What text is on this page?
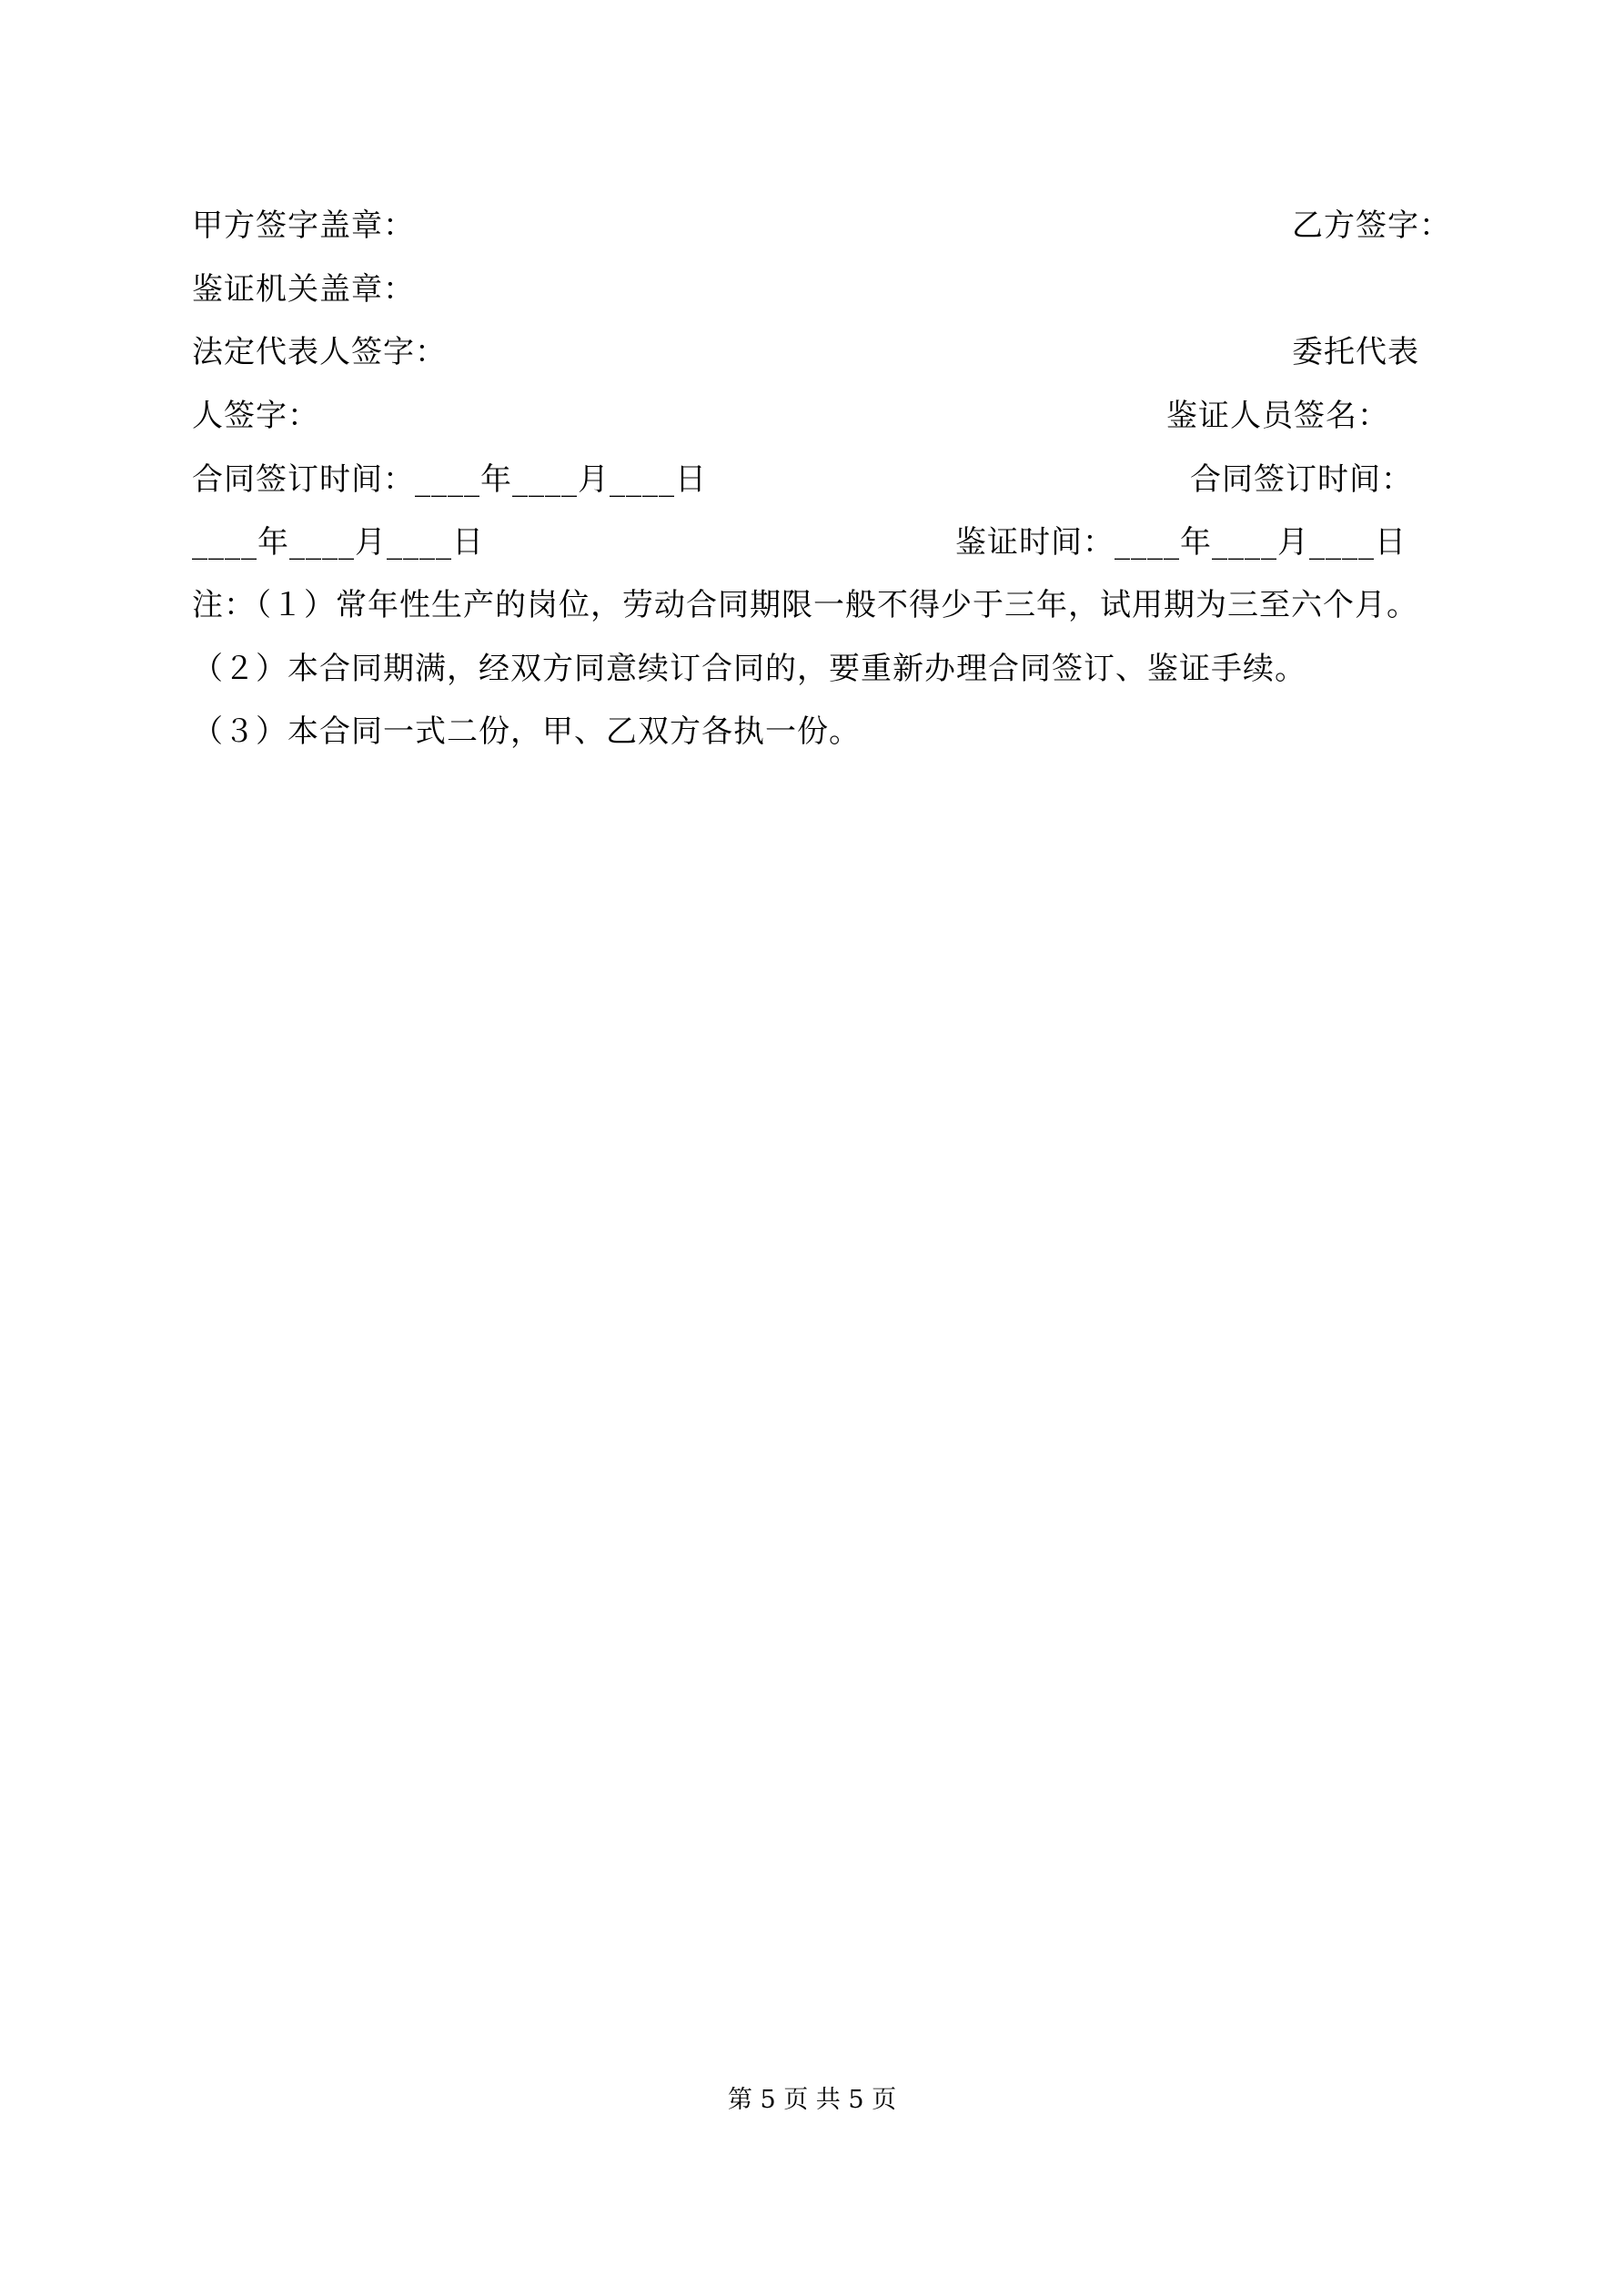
甲方签字盖章：	乙方签字：
鉴证机关盖章：
法定代表人签字：	委托代表
人签字：	鉴证人员签名：
合同签订时间：____年____月____日	合同签订时间：
____年____月____日	鉴证时间：____年____月____日
注：（１）常年性生产的岗位，劳动合同期限一般不得少于三年，试用期为三至六个月。
（２）本合同期满，经双方同意续订合同的，要重新办理合同签订、鉴证手续。
（３）本合同一式二份，甲、乙双方各执一份。
第 5 页 共 5 页
